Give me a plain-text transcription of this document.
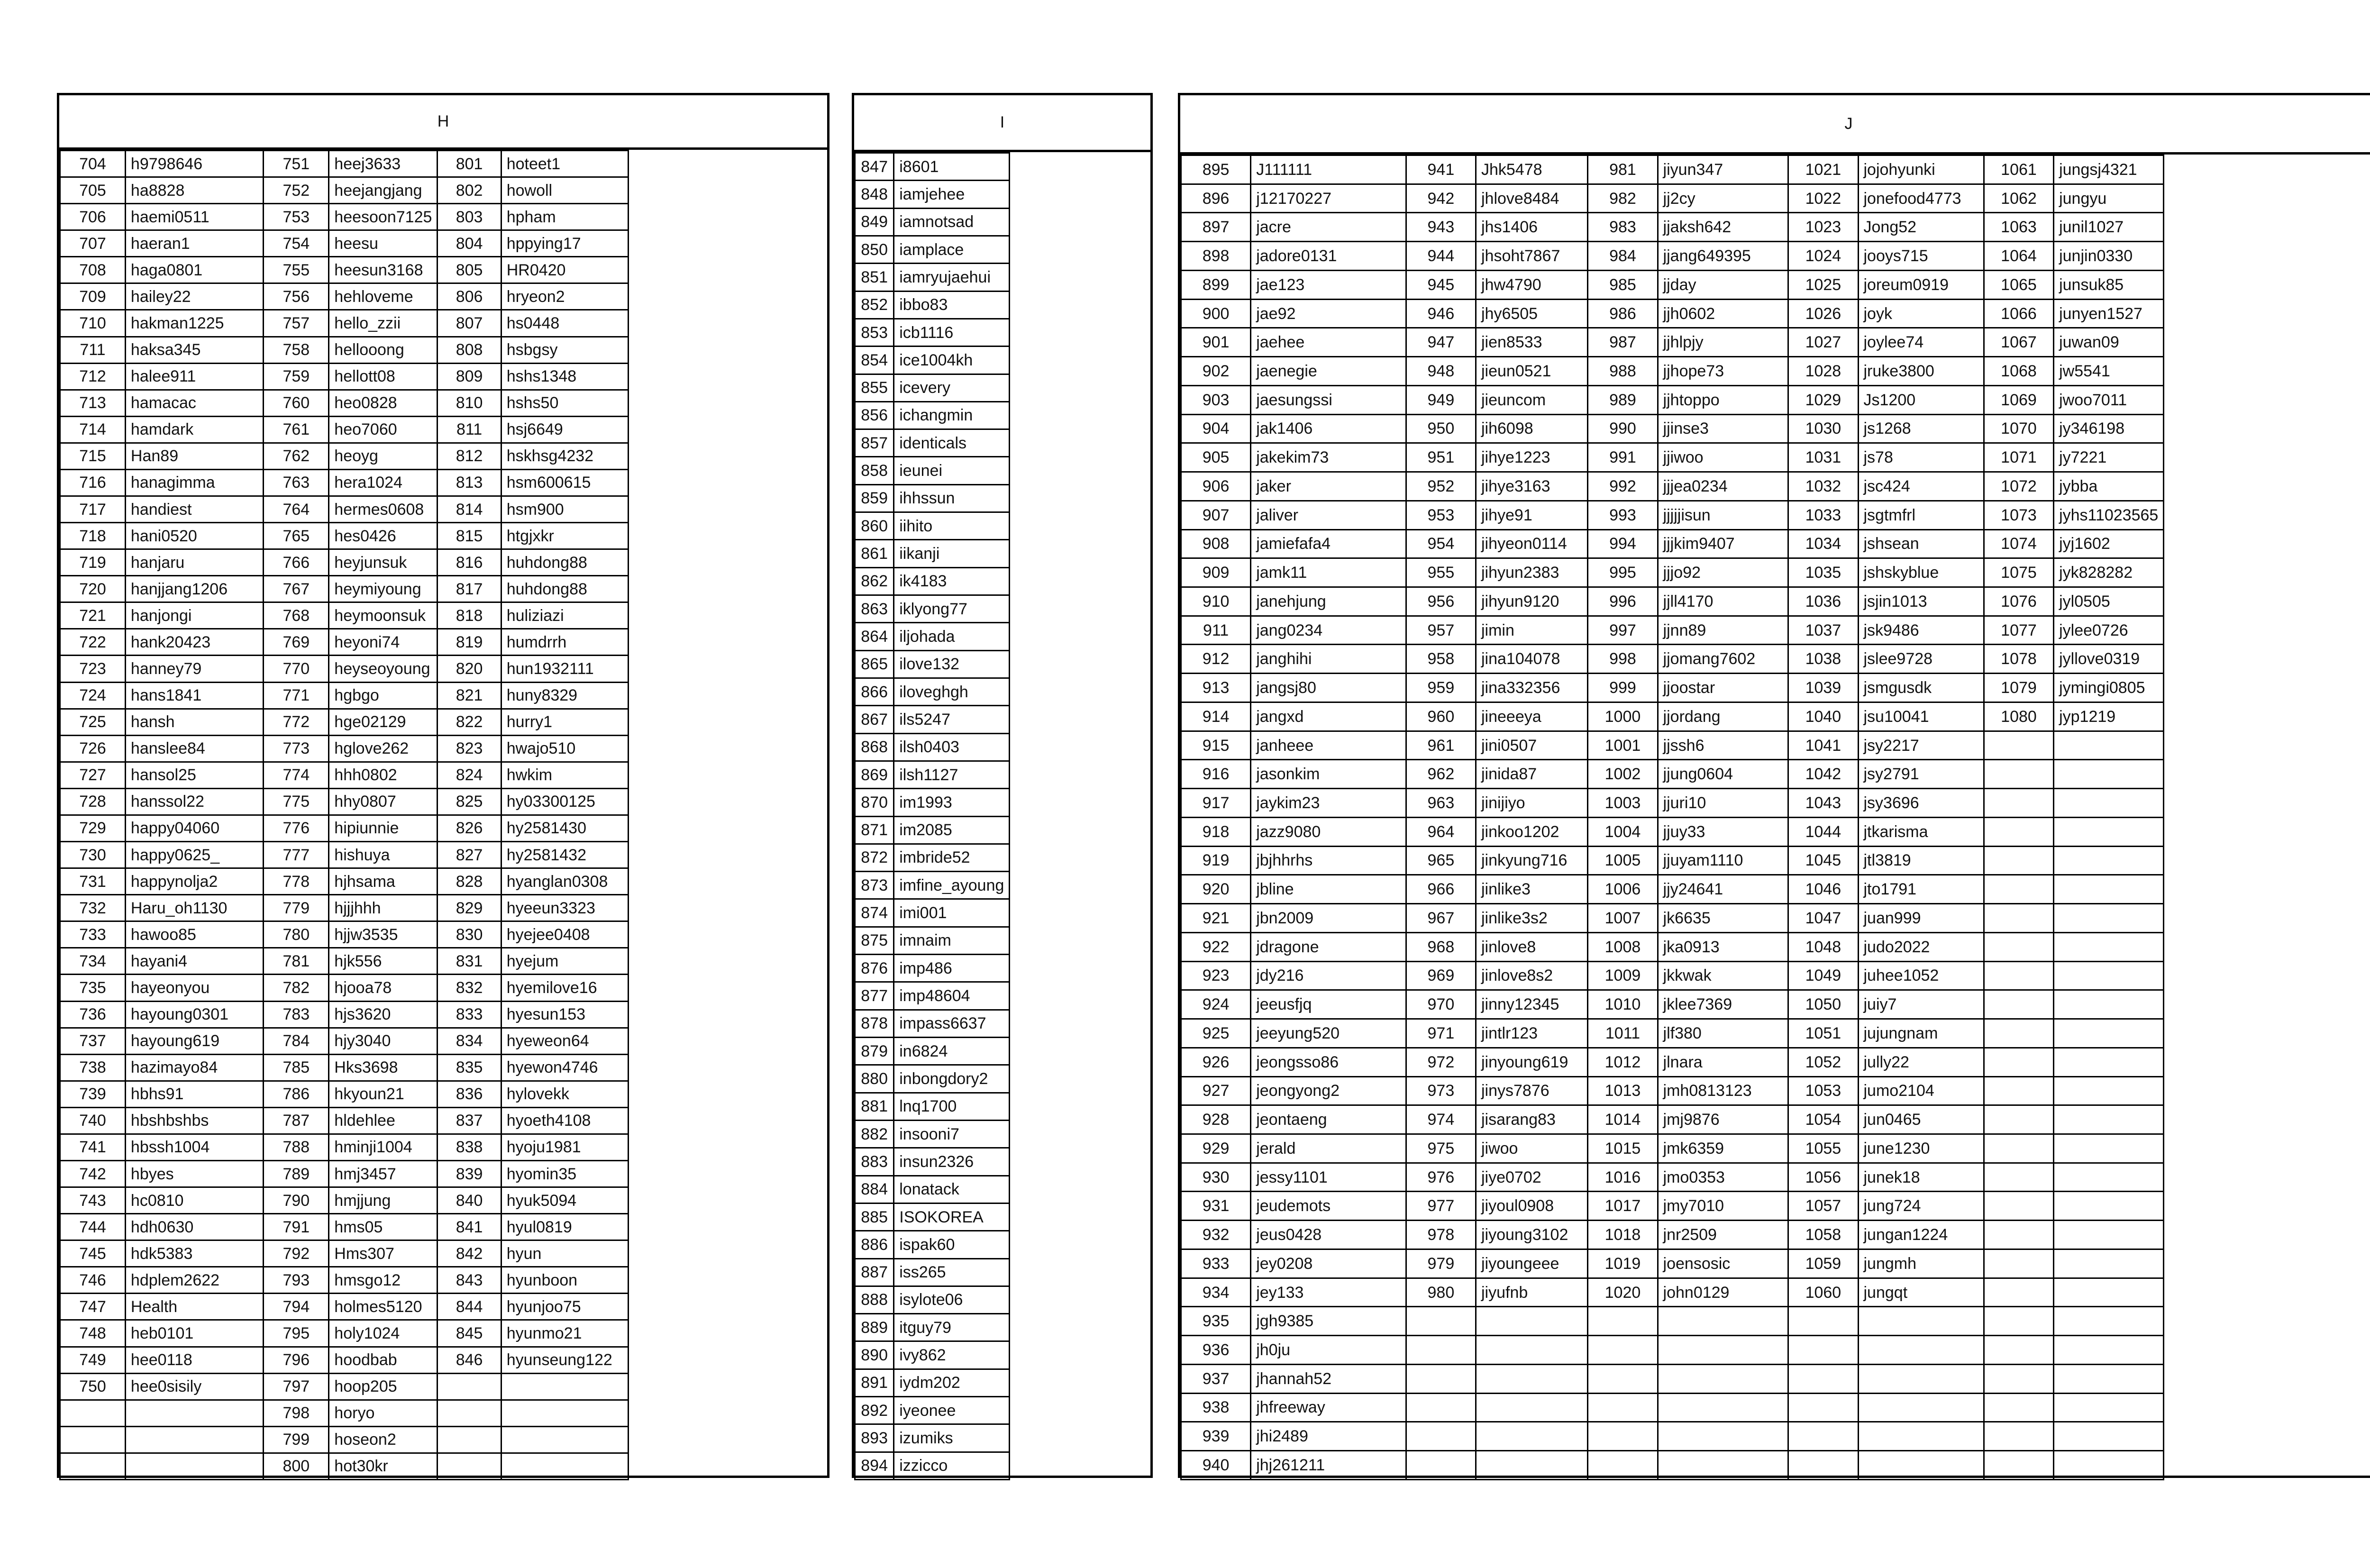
H
704	h9798646	751	heej3633	801	hoteet1
705	ha8828	752	heejangjang	802	howoll
706	haemi0511	753	heesoon7125	803	hpham
707	haeran1	754	heesu	804	hppying17
708	haga0801	755	heesun3168	805	HR0420
709	hailey22	756	hehloveme	806	hryeon2
710	hakman1225	757	hello_zzii	807	hs0448
711	haksa345	758	hellooong	808	hsbgsy
712	halee911	759	hellott08	809	hshs1348
713	hamacac	760	heo0828	810	hshs50
714	hamdark	761	heo7060	811	hsj6649
715	Han89	762	heoyg	812	hskhsg4232
716	hanagimma	763	hera1024	813	hsm600615
717	handiest	764	hermes0608	814	hsm900
718	hani0520	765	hes0426	815	htgjxkr
719	hanjaru	766	heyjunsuk	816	huhdong88
720	hanjjang1206	767	heymiyoung	817	huhdong88
721	hanjongi	768	heymoonsuk	818	huliziazi
722	hank20423	769	heyoni74	819	humdrrh
723	hanney79	770	heyseoyoung	820	hun1932111
724	hans1841	771	hgbgo	821	huny8329
725	hansh	772	hge02129	822	hurry1
726	hanslee84	773	hglove262	823	hwajo510
727	hansol25	774	hhh0802	824	hwkim
728	hanssol22	775	hhy0807	825	hy03300125
729	happy04060	776	hipiunnie	826	hy2581430
730	happy0625_	777	hishuya	827	hy2581432
731	happynolja2	778	hjhsama	828	hyanglan0308
732	Haru_oh1130	779	hjjjhhh	829	hyeeun3323
733	hawoo85	780	hjjw3535	830	hyejee0408
734	hayani4	781	hjk556	831	hyejum
735	hayeonyou	782	hjooa78	832	hyemilove16
736	hayoung0301	783	hjs3620	833	hyesun153
737	hayoung619	784	hjy3040	834	hyeweon64
738	hazimayo84	785	Hks3698	835	hyewon4746
739	hbhs91	786	hkyoun21	836	hylovekk
740	hbshbshbs	787	hldehlee	837	hyoeth4108
741	hbssh1004	788	hminji1004	838	hyoju1981
742	hbyes	789	hmj3457	839	hyomin35
743	hc0810	790	hmjjung	840	hyuk5094
744	hdh0630	791	hms05	841	hyul0819
745	hdk5383	792	Hms307	842	hyun
746	hdplem2622	793	hmsgo12	843	hyunboon
747	Health	794	holmes5120	844	hyunjoo75
748	heb0101	795	holy1024	845	hyunmo21
749	hee0118	796	hoodbab	846	hyunseung122
750	hee0sisily	797	hoop205		
		798	horyo		
		799	hoseon2		
		800	hot30kr		
I
847	i8601
848	iamjehee
849	iamnotsad
850	iamplace
851	iamryujaehui
852	ibbo83
853	icb1116
854	ice1004kh
855	icevery
856	ichangmin
857	identicals
858	ieunei
859	ihhssun
860	iihito
861	iikanji
862	ik4183
863	iklyong77
864	iljohada
865	ilove132
866	iloveghgh
867	ils5247
868	ilsh0403
869	ilsh1127
870	im1993
871	im2085
872	imbride52
873	imfine_ayoung
874	imi001
875	imnaim
876	imp486
877	imp48604
878	impass6637
879	in6824
880	inbongdory2
881	lnq1700
882	insooni7
883	insun2326
884	lonatack
885	ISOKOREA
886	ispak60
887	iss265
888	isylote06
889	itguy79
890	ivy862
891	iydm202
892	iyeonee
893	izumiks
894	izzicco
J
895	J111111	941	Jhk5478	981	jiyun347	1021	jojohyunki	1061	jungsj4321
896	j12170227	942	jhlove8484	982	jj2cy	1022	jonefood4773	1062	jungyu
897	jacre	943	jhs1406	983	jjaksh642	1023	Jong52	1063	junil1027
898	jadore0131	944	jhsoht7867	984	jjang649395	1024	jooys715	1064	junjin0330
899	jae123	945	jhw4790	985	jjday	1025	joreum0919	1065	junsuk85
900	jae92	946	jhy6505	986	jjh0602	1026	joyk	1066	junyen1527
901	jaehee	947	jien8533	987	jjhlpjy	1027	joylee74	1067	juwan09
902	jaenegie	948	jieun0521	988	jjhope73	1028	jruke3800	1068	jw5541
903	jaesungssi	949	jieuncom	989	jjhtoppo	1029	Js1200	1069	jwoo7011
904	jak1406	950	jih6098	990	jjinse3	1030	js1268	1070	jy346198
905	jakekim73	951	jihye1223	991	jjiwoo	1031	js78	1071	jy7221
906	jaker	952	jihye3163	992	jjjea0234	1032	jsc424	1072	jybba
907	jaliver	953	jihye91	993	jjjjjisun	1033	jsgtmfrl	1073	jyhs11023565
908	jamiefafa4	954	jihyeon0114	994	jjjkim9407	1034	jshsean	1074	jyj1602
909	jamk11	955	jihyun2383	995	jjjo92	1035	jshskyblue	1075	jyk828282
910	janehjung	956	jihyun9120	996	jjll4170	1036	jsjin1013	1076	jyl0505
911	jang0234	957	jimin	997	jjnn89	1037	jsk9486	1077	jylee0726
912	janghihi	958	jina104078	998	jjomang7602	1038	jslee9728	1078	jyllove0319
913	jangsj80	959	jina332356	999	jjoostar	1039	jsmgusdk	1079	jymingi0805
914	jangxd	960	jineeeya	1000	jjordang	1040	jsu10041	1080	jyp1219
915	janheee	961	jini0507	1001	jjssh6	1041	jsy2217		
916	jasonkim	962	jinida87	1002	jjung0604	1042	jsy2791		
917	jaykim23	963	jinijiyo	1003	jjuri10	1043	jsy3696		
918	jazz9080	964	jinkoo1202	1004	jjuy33	1044	jtkarisma		
919	jbjhhrhs	965	jinkyung716	1005	jjuyam1110	1045	jtl3819		
920	jbline	966	jinlike3	1006	jjy24641	1046	jto1791		
921	jbn2009	967	jinlike3s2	1007	jk6635	1047	juan999		
922	jdragone	968	jinlove8	1008	jka0913	1048	judo2022		
923	jdy216	969	jinlove8s2	1009	jkkwak	1049	juhee1052		
924	jeeusfjq	970	jinny12345	1010	jklee7369	1050	juiy7		
925	jeeyung520	971	jintlr123	1011	jlf380	1051	jujungnam		
926	jeongsso86	972	jinyoung619	1012	jlnara	1052	jully22		
927	jeongyong2	973	jinys7876	1013	jmh0813123	1053	jumo2104		
928	jeontaeng	974	jisarang83	1014	jmj9876	1054	jun0465		
929	jerald	975	jiwoo	1015	jmk6359	1055	june1230		
930	jessy1101	976	jiye0702	1016	jmo0353	1056	junek18		
931	jeudemots	977	jiyoul0908	1017	jmy7010	1057	jung724		
932	jeus0428	978	jiyoung3102	1018	jnr2509	1058	jungan1224		
933	jey0208	979	jiyoungeee	1019	joensosic	1059	jungmh		
934	jey133	980	jiyufnb	1020	john0129	1060	jungqt		
935	jgh9385								
936	jh0ju								
937	jhannah52								
938	jhfreeway								
939	jhi2489								
940	jhj261211								
